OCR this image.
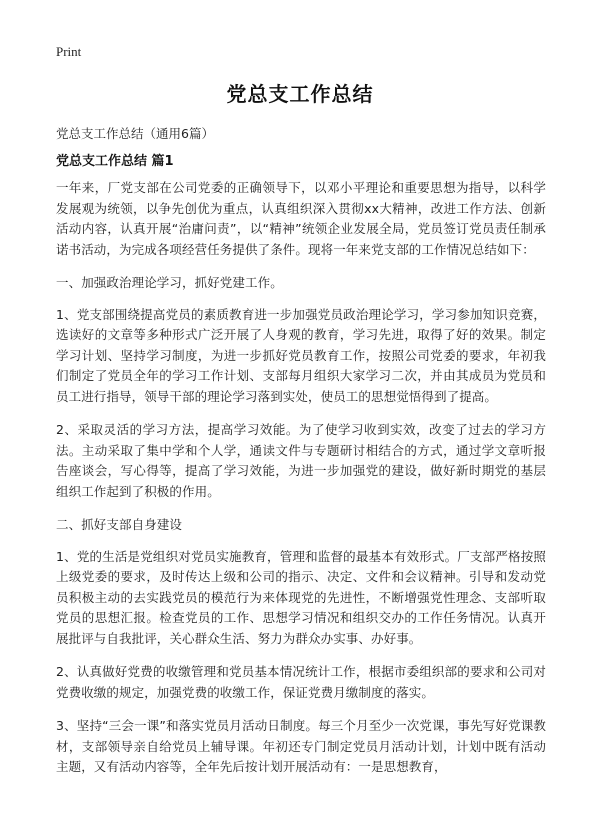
Print
党总支工作总结
党总支工作总结（通用6篇）
党总支工作总结 篇1

一年来，厂党支部在公司党委的正确领导下，以邓小平理论和重要思想为指导，以科学发展观为统领，以争先创优为重点，认真组织深入贯彻xx大精神，改进工作方法、创新活动内容，认真开展“治庸问责”，以“精神”统领企业发展全局，党员签订党员责任制承诺书活动，为完成各项经营任务提供了条件。现将一年来党支部的工作情况总结如下：

一、加强政治理论学习，抓好党建工作。

1、党支部围绕提高党员的素质教育进一步加强党员政治理论学习，学习参加知识竞赛，选读好的文章等多种形式广泛开展了人身观的教育，学习先进，取得了好的效果。制定学习计划、坚持学习制度，为进一步抓好党员教育工作，按照公司党委的要求，年初我们制定了党员全年的学习工作计划、支部每月组织大家学习二次，并由其成员为党员和员工进行指导，领导干部的理论学习落到实处，使员工的思想觉悟得到了提高。

2、采取灵活的学习方法，提高学习效能。为了使学习收到实效，改变了过去的学习方法。主动采取了集中学和个人学，通读文件与专题研讨相结合的方式，通过学文章听报告座谈会，写心得等，提高了学习效能，为进一步加强党的建设，做好新时期党的基层组织工作起到了积极的作用。

二、抓好支部自身建设

1、党的生活是党组织对党员实施教育，管理和监督的最基本有效形式。厂支部严格按照上级党委的要求，及时传达上级和公司的指示、决定、文件和会议精神。引导和发动党员积极主动的去实践党员的模范行为来体现党的先进性，不断增强党性理念、支部听取党员的思想汇报。检查党员的工作、思想学习情况和组织交办的工作任务情况。认真开展批评与自我批评，关心群众生活、努力为群众办实事、办好事。

2、认真做好党费的收缴管理和党员基本情况统计工作，根据市委组织部的要求和公司对党费收缴的规定，加强党费的收缴工作，保证党费月缴制度的落实。

3、坚持“三会一课”和落实党员月活动日制度。每三个月至少一次党课，事先写好党课教材，支部领导亲自给党员上辅导课。年初还专门制定党员月活动计划，计划中既有活动主题，又有活动内容等，全年先后按计划开展活动有：一是思想教育，
